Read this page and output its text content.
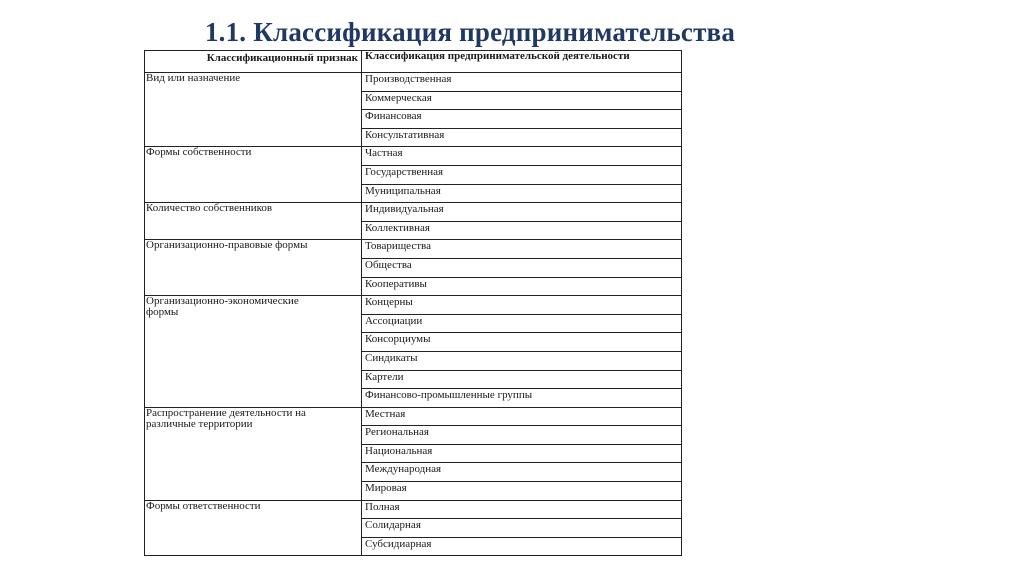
1.1. Классификация предпринимательства
Классификационный признак	Классификация предпринимательской деятельности
Вид или назначение	Производственная
	Коммерческая
	Финансовая
	Консультативная
Формы собственности	Частная
	Государственная
	Муниципальная
Количество собственников	Индивидуальная
	Коллективная
Организационно-правовые формы	Товарищества
	Общества
	Кооперативы

Организационно-экономические формы	Концерны
	Ассоциации
	Консорциумы
	Синдикаты
	Картели
	Финансово-промышленные группы

Распространение деятельности на различные территории	Местная
	Региональная
	Национальная
	Международная
	Мировая
Формы ответственности	Полная
	Солидарная
	Субсидиарная
